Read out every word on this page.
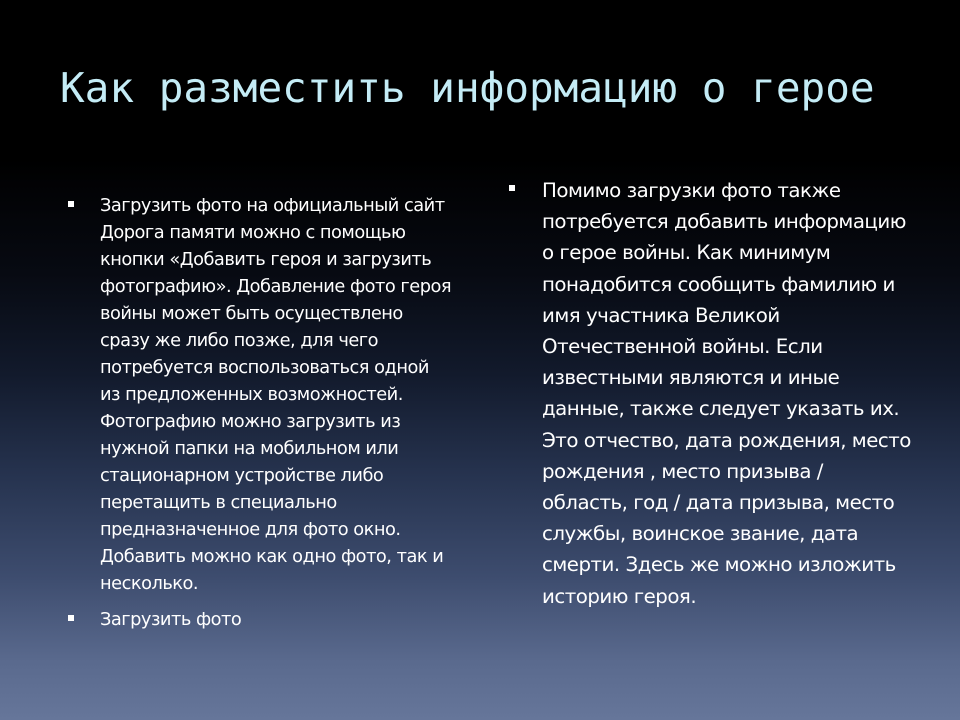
Как разместить информацию о герое
Загрузить фото на официальный сайт Дорога памяти можно с помощью кнопки «Добавить героя и загрузить фотографию». Добавление фото героя войны может быть осуществлено сразу же либо позже, для чего потребуется воспользоваться одной из предложенных возможностей. Фотографию можно загрузить из нужной папки на мобильном или стационарном устройстве либо перетащить в специально предназначенное для фото окно. Добавить можно как одно фото, так и несколько.
Загрузить фото
Помимо загрузки фото также потребуется добавить информацию о герое войны. Как минимум понадобится сообщить фамилию и имя участника Великой Отечественной войны. Если известными являются и иные данные, также следует указать их. Это отчество, дата рождения, место рождения , место призыва / область, год / дата призыва, место службы, воинское звание, дата смерти. Здесь же можно изложить историю героя.
